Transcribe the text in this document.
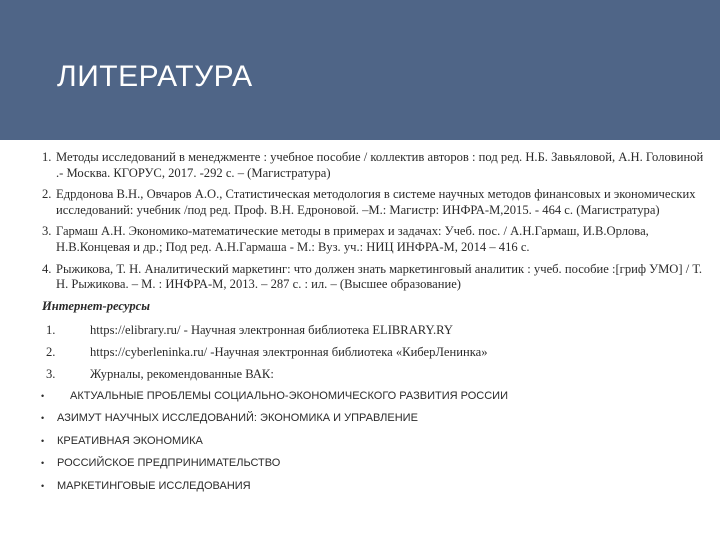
ЛИТЕРАТУРА
1. Методы исследований в менеджменте : учебное пособие / коллектив авторов : под ред. Н.Б. Завьяловой, А.Н. Головиной .- Москва. КГОРУС, 2017. -292 с. – (Магистратура)
2. Едрдонова В.Н., Овчаров А.О., Статистическая методология в системе научных методов финансовых и экономических исследований: учебник /под ред. Проф. В.Н. Едроновой. –М.: Магистр: ИНФРА-М,2015. - 464 с. (Магистратура)
3. Гармаш А.Н. Экономико-математические методы в примерах и задачах: Учеб. пос. / А.Н.Гармаш, И.В.Орлова, Н.В.Концевая и др.; Под ред. А.Н.Гармаша - М.: Вуз. уч.: НИЦ ИНФРА-М, 2014 – 416 с.
4. Рыжикова, Т. Н. Аналитический маркетинг: что должен знать маркетинговый аналитик : учеб. пособие :[гриф УМО] / Т. Н. Рыжикова. – М. : ИНФРА-М, 2013. – 287 с. : ил. – (Высшее образование)
Интернет-ресурсы
1.	https://elibrary.ru/ - Научная электронная библиотека ELIBRARY.RY
2.	https://cyberleninka.ru/ -Научная электронная библиотека «КиберЛенинка»
3.	Журналы, рекомендованные ВАК:
• АКТУАЛЬНЫЕ ПРОБЛЕМЫ СОЦИАЛЬНО-ЭКОНОМИЧЕСКОГО РАЗВИТИЯ РОССИИ
• АЗИМУТ НАУЧНЫХ ИССЛЕДОВАНИЙ: ЭКОНОМИКА И УПРАВЛЕНИЕ
• КРЕАТИВНАЯ ЭКОНОМИКА
• РОССИЙСКОЕ ПРЕДПРИНИМАТЕЛЬСТВО
• МАРКЕТИНГОВЫЕ ИССЛЕДОВАНИЯ
